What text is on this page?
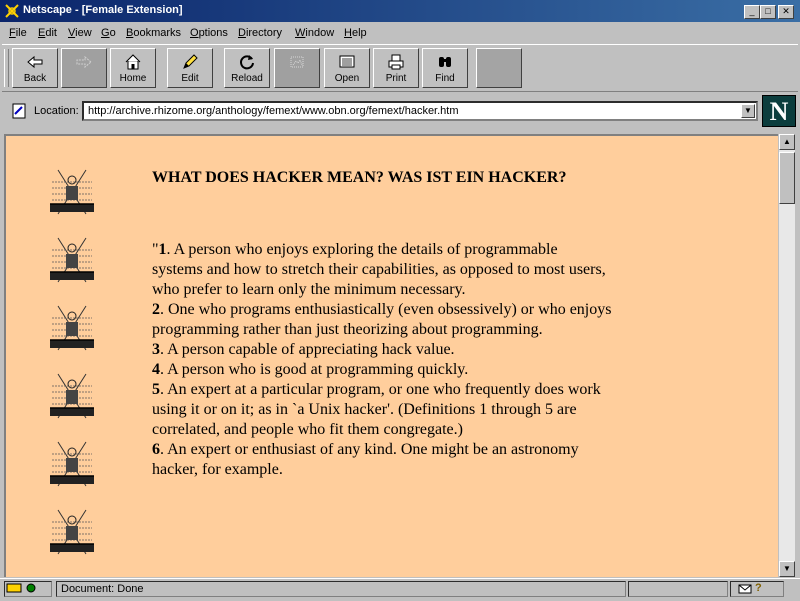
Netscape - [Female Extension]	_	□	✕
File Edit View Go Bookmarks Options Directory Window Help
Back	Home	Edit	Reload	Open	Print	Find
Location: http://archive.rhizome.org/anthology/femext/www.obn.org/femext/hacker.htm	▼ N
WHAT DOES HACKER MEAN? WAS IST EIN HACKER?

"1. A person who enjoys exploring the details of programmable systems and how to stretch their capabilities, as opposed to most users, who prefer to learn only the minimum necessary.

2. One who programs enthusiastically (even obsessively) or who enjoys programming rather than just theorizing about programming.

3. A person capable of appreciating hack value.

4. A person who is good at programming quickly.

5. An expert at a particular program, or one who frequently does work

using it or on it; as in `a Unix hacker'. (Definitions 1 through 5 are

correlated, and people who fit them congregate.)

6. An expert or enthusiast of any kind. One might be an astronomy hacker, for example.

▲
▼
Document: Done	?
